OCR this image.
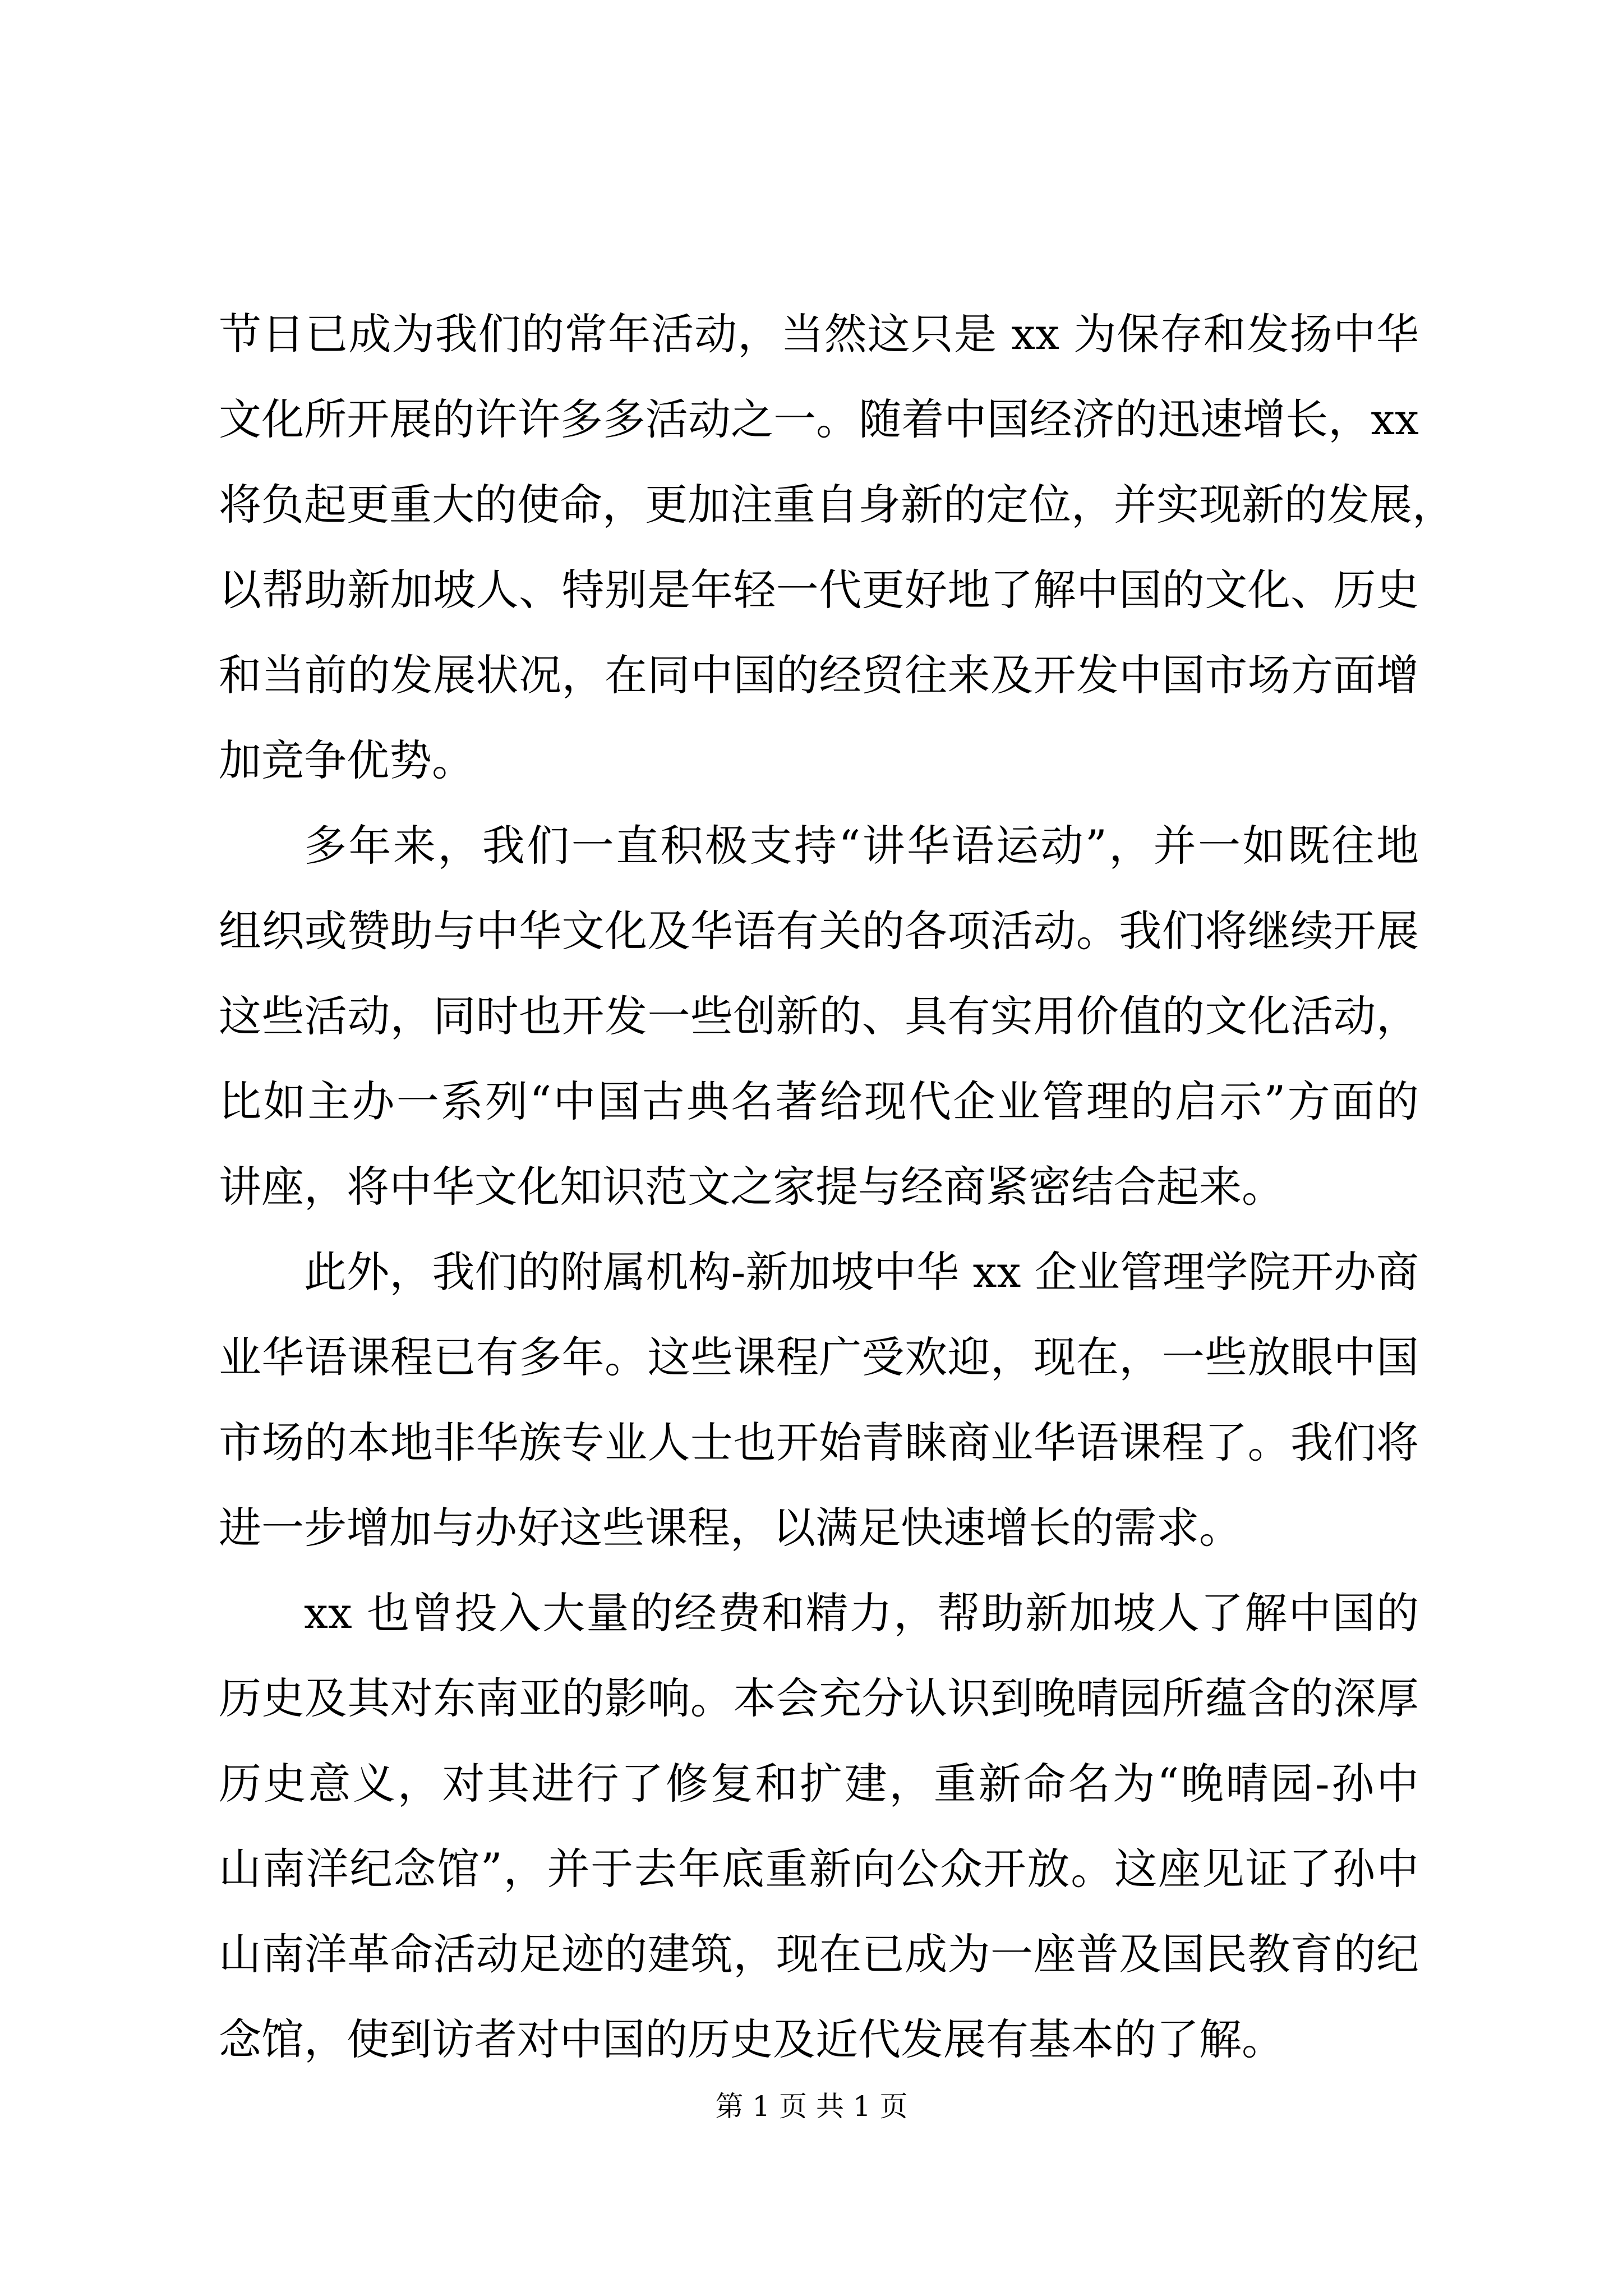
节日已成为我们的常年活动，当然这只是 xx 为保存和发扬中华
文化所开展的许许多多活动之一。随着中国经济的迅速增长，xx
将负起更重大的使命，更加注重自身新的定位，并实现新的发展，
以帮助新加坡人、特别是年轻一代更好地了解中国的文化、历史
和当前的发展状况，在同中国的经贸往来及开发中国市场方面增
加竞争优势。
多年来，我们一直积极支持“讲华语运动”，并一如既往地
组织或赞助与中华文化及华语有关的各项活动。我们将继续开展
这些活动，同时也开发一些创新的、具有实用价值的文化活动，
比如主办一系列“中国古典名著给现代企业管理的启示”方面的
讲座，将中华文化知识范文之家提与经商紧密结合起来。
此外，我们的附属机构-新加坡中华 xx 企业管理学院开办商
业华语课程已有多年。这些课程广受欢迎，现在，一些放眼中国
市场的本地非华族专业人士也开始青睐商业华语课程了。我们将
进一步增加与办好这些课程，以满足快速增长的需求。
xx 也曾投入大量的经费和精力，帮助新加坡人了解中国的
历史及其对东南亚的影响。本会充分认识到晚晴园所蕴含的深厚
历史意义，对其进行了修复和扩建，重新命名为“晚晴园-孙中
山南洋纪念馆”，并于去年底重新向公众开放。这座见证了孙中
山南洋革命活动足迹的建筑，现在已成为一座普及国民教育的纪
念馆，使到访者对中国的历史及近代发展有基本的了解。
第 1 页 共 1 页
